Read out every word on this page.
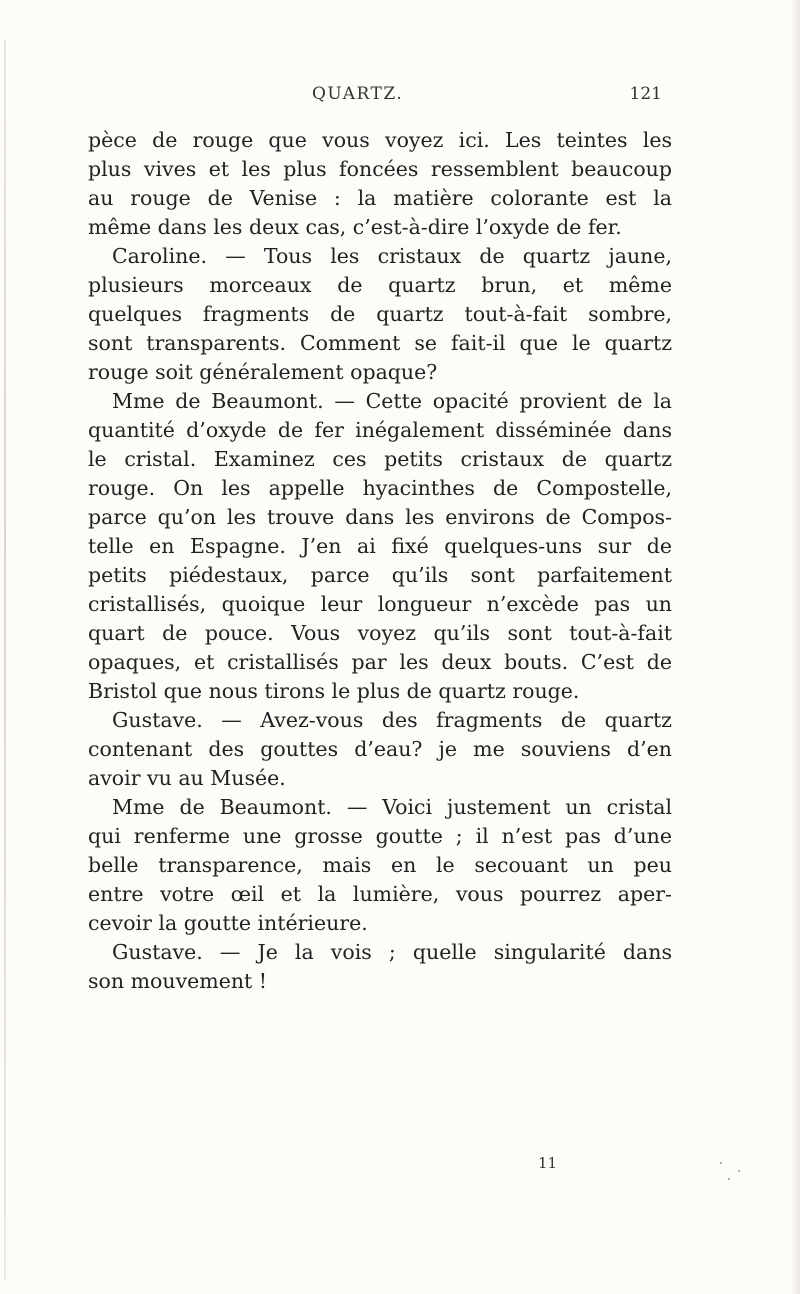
QUARTZ.	121
pèce de rouge que vous voyez ici. Les teintes les
plus vives et les plus foncées ressemblent beaucoup
au rouge de Venise : la matière colorante est la
même dans les deux cas, c’est-à-dire l’oxyde de fer.
Caroline. — Tous les cristaux de quartz jaune,
plusieurs morceaux de quartz brun, et même
quelques fragments de quartz tout-à-fait sombre,
sont transparents. Comment se fait-il que le quartz
rouge soit généralement opaque?
Mme de Beaumont. — Cette opacité provient de la
quantité d’oxyde de fer inégalement disséminée dans
le cristal. Examinez ces petits cristaux de quartz
rouge. On les appelle hyacinthes de Compostelle,
parce qu’on les trouve dans les environs de Compos-
telle en Espagne. J’en ai fixé quelques-uns sur de
petits piédestaux, parce qu’ils sont parfaitement
cristallisés, quoique leur longueur n’excède pas un
quart de pouce. Vous voyez qu’ils sont tout-à-fait
opaques, et cristallisés par les deux bouts. C’est de
Bristol que nous tirons le plus de quartz rouge.
Gustave. — Avez-vous des fragments de quartz
contenant des gouttes d’eau? je me souviens d’en
avoir vu au Musée.
Mme de Beaumont. — Voici justement un cristal
qui renferme une grosse goutte ; il n’est pas d’une
belle transparence, mais en le secouant un peu
entre votre œil et la lumière, vous pourrez aper-
cevoir la goutte intérieure.
Gustave. — Je la vois ; quelle singularité dans
son mouvement !
11
